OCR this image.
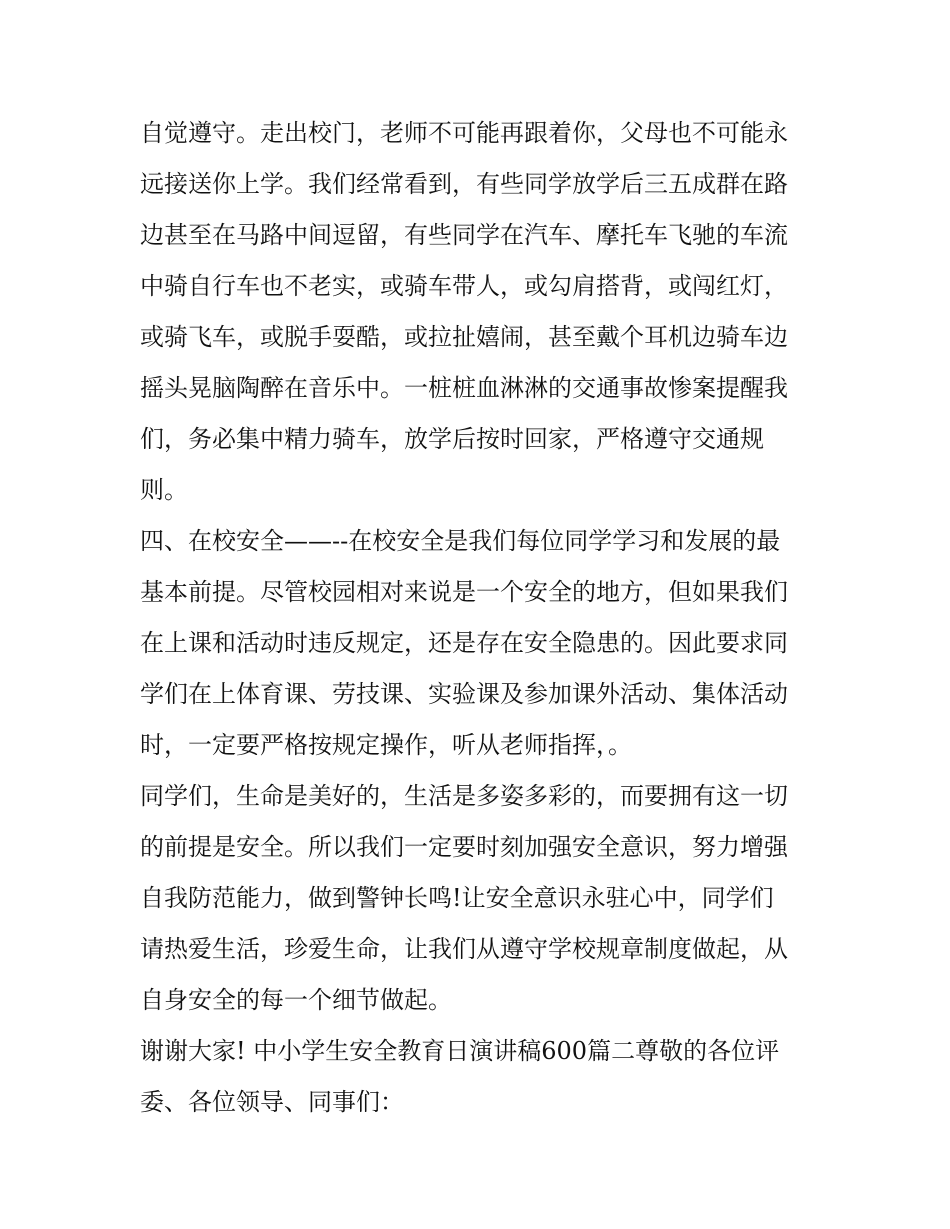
自觉遵守。走出校门，老师不可能再跟着你，父母也不可能永
远接送你上学。我们经常看到，有些同学放学后三五成群在路
边甚至在马路中间逗留，有些同学在汽车、摩托车飞驰的车流
中骑自行车也不老实，或骑车带人，或勾肩搭背，或闯红灯，
或骑飞车，或脱手耍酷，或拉扯嬉闹，甚至戴个耳机边骑车边
摇头晃脑陶醉在音乐中。一桩桩血淋淋的交通事故惨案提醒我
们，务必集中精力骑车，放学后按时回家，严格遵守交通规
则。
四、在校安全——--在校安全是我们每位同学学习和发展的最
基本前提。尽管校园相对来说是一个安全的地方，但如果我们
在上课和活动时违反规定，还是存在安全隐患的。因此要求同
学们在上体育课、劳技课、实验课及参加课外活动、集体活动
时，一定要严格按规定操作，听从老师指挥，。
同学们，生命是美好的，生活是多姿多彩的，而要拥有这一切
的前提是安全。所以我们一定要时刻加强安全意识，努力增强
自我防范能力，做到警钟长鸣!让安全意识永驻心中，同学们
请热爱生活，珍爱生命，让我们从遵守学校规章制度做起，从
自身安全的每一个细节做起。
谢谢大家! 中小学生安全教育日演讲稿600篇二尊敬的各位评
委、各位领导、同事们：
